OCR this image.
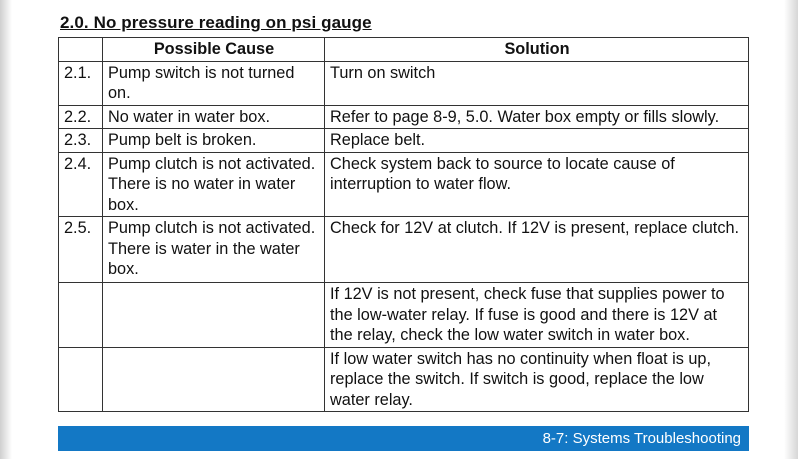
2.0. No pressure reading on psi gauge
	Possible Cause	Solution
2.1.	Pump switch is not turned on.	Turn on switch
2.2.	No water in water box.	Refer to page 8-9, 5.0. Water box empty or fills slowly.
2.3.	Pump belt is broken.	Replace belt.
2.4.	Pump clutch is not activated. There is no water in water box.	Check system back to source to locate cause of interruption to water flow.
2.5.	Pump clutch is not activated. There is water in the water box.	Check for 12V at clutch. If 12V is present, replace clutch.
		If 12V is not present, check fuse that supplies power to the low-water relay. If fuse is good and there is 12V at the relay, check the low water switch in water box.
		If low water switch has no continuity when float is up, replace the switch. If switch is good, replace the low water relay.
8-7: Systems Troubleshooting
